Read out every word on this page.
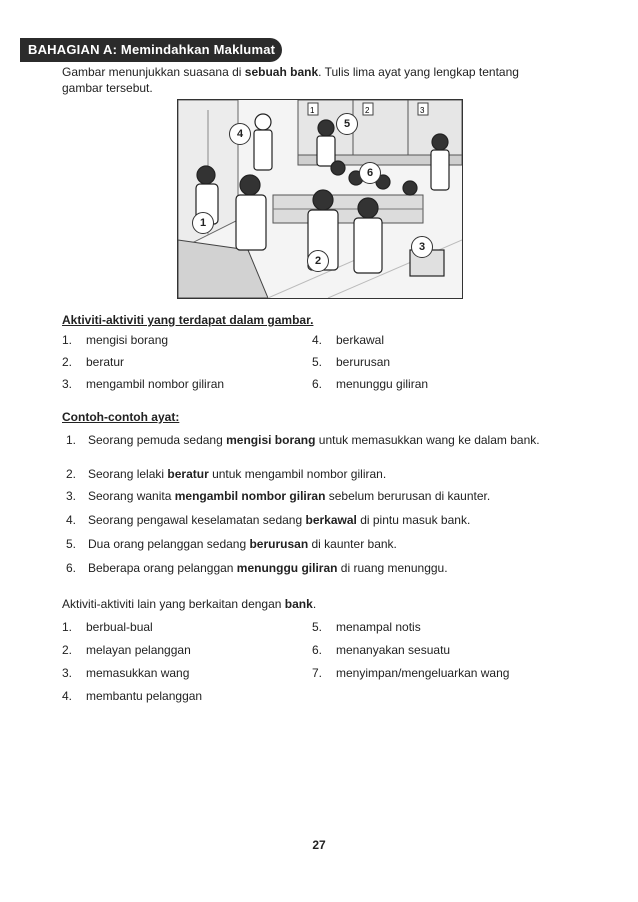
BAHAGIAN A: Memindahkan Maklumat
Gambar menunjukkan suasana di sebuah bank. Tulis lima ayat yang lengkap tentang gambar tersebut.
1	2	3
1
2
3
4
5
6
Aktiviti-aktiviti yang terdapat dalam gambar.
1. mengisi borang
2. beratur
3. mengambil nombor giliran
4. berkawal
5. berurusan
6. menunggu giliran
Contoh-contoh ayat:
1. Seorang pemuda sedang mengisi borang untuk memasukkan wang ke dalam bank.
2. Seorang lelaki beratur untuk mengambil nombor giliran.
3. Seorang wanita mengambil nombor giliran sebelum berurusan di kaunter.
4. Seorang pengawal keselamatan sedang berkawal di pintu masuk bank.
5. Dua orang pelanggan sedang berurusan di kaunter bank.
6. Beberapa orang pelanggan menunggu giliran di ruang menunggu.
Aktiviti-aktiviti lain yang berkaitan dengan bank.
1. berbual-bual
2. melayan pelanggan
3. memasukkan wang
4. membantu pelanggan
5. menampal notis
6. menanyakan sesuatu
7. menyimpan/mengeluarkan wang
27
